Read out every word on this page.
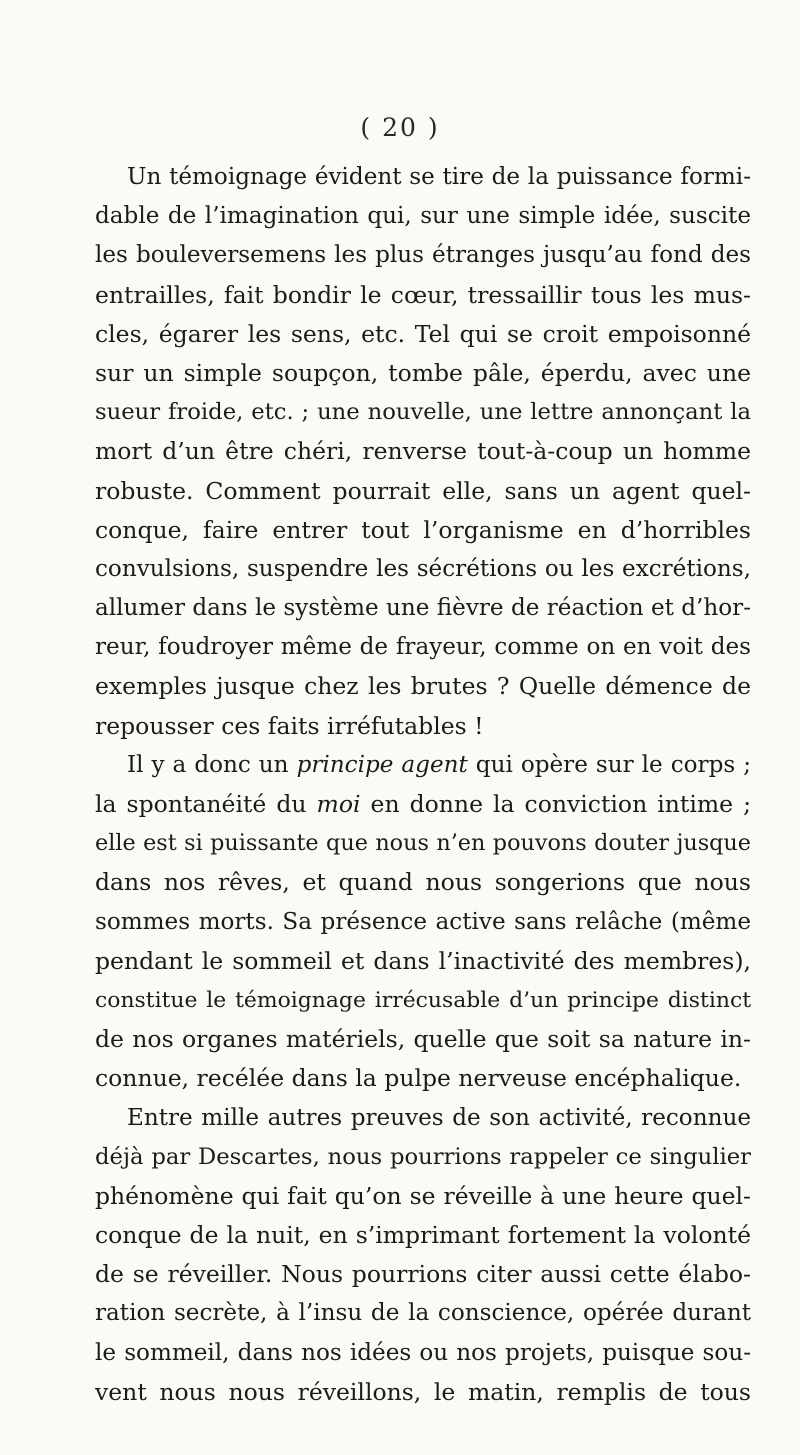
( 20 )
Un témoignage évident se tire de la puissance formi-
dable de l’imagination qui, sur une simple idée, suscite
les bouleversemens les plus étranges jusqu’au fond des
entrailles, fait bondir le cœur, tressaillir tous les mus-
cles, égarer les sens, etc. Tel qui se croit empoisonné
sur un simple soupçon, tombe pâle, éperdu, avec une
sueur froide, etc. ; une nouvelle, une lettre annonçant la
mort d’un être chéri, renverse tout-à-coup un homme
robuste. Comment pourrait elle, sans un agent quel-
conque, faire entrer tout l’organisme en d’horribles
convulsions, suspendre les sécrétions ou les excrétions,
allumer dans le système une fièvre de réaction et d’hor-
reur, foudroyer même de frayeur, comme on en voit des
exemples jusque chez les brutes ? Quelle démence de
repousser ces faits irréfutables !
Il y a donc un principe agent qui opère sur le corps ;
la spontanéité du moi en donne la conviction intime ;
elle est si puissante que nous n’en pouvons douter jusque
dans nos rêves, et quand nous songerions que nous
sommes morts. Sa présence active sans relâche (même
pendant le sommeil et dans l’inactivité des membres),
constitue le témoignage irrécusable d’un principe distinct
de nos organes matériels, quelle que soit sa nature in-
connue, recélée dans la pulpe nerveuse encéphalique.
Entre mille autres preuves de son activité, reconnue
déjà par Descartes, nous pourrions rappeler ce singulier
phénomène qui fait qu’on se réveille à une heure quel-
conque de la nuit, en s’imprimant fortement la volonté
de se réveiller. Nous pourrions citer aussi cette élabo-
ration secrète, à l’insu de la conscience, opérée durant
le sommeil, dans nos idées ou nos projets, puisque sou-
vent nous nous réveillons, le matin, remplis de tous
